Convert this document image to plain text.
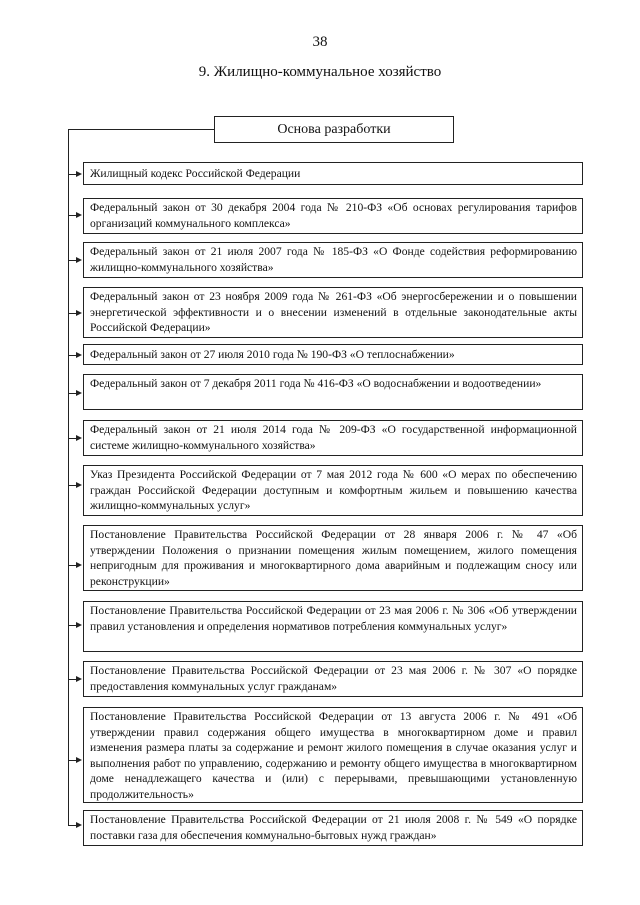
38
9. Жилищно-коммунальное хозяйство
Основа разработки
Жилищный кодекс Российской Федерации
Федеральный закон от 30 декабря 2004 года № 210-ФЗ «Об основах регулирования тарифов организаций коммунального комплекса»
Федеральный закон от 21 июля 2007 года № 185-ФЗ «О Фонде содействия реформированию жилищно-коммунального хозяйства»
Федеральный закон от 23 ноября 2009 года № 261-ФЗ «Об энергосбережении и о повышении энергетической эффективности и о внесении изменений в отдельные законодательные акты Российской Федерации»
Федеральный закон от 27 июля 2010 года № 190-ФЗ «О теплоснабжении»
Федеральный закон от 7 декабря 2011 года № 416-ФЗ «О водоснабжении и водоотведении»
Федеральный закон от 21 июля 2014 года № 209-ФЗ «О государственной информационной системе жилищно-коммунального хозяйства»
Указ Президента Российской Федерации от 7 мая 2012 года № 600 «О мерах по обеспечению граждан Российской Федерации доступным и комфортным жильем и повышению качества жилищно-коммунальных услуг»
Постановление Правительства Российской Федерации от 28 января 2006 г. № 47 «Об утверждении Положения о признании помещения жилым помещением, жилого помещения непригодным для проживания и многоквартирного дома аварийным и подлежащим сносу или реконструкции»
Постановление Правительства Российской Федерации от 23 мая 2006 г. № 306 «Об утверждении правил установления и определения нормативов потребления коммунальных услуг»
Постановление Правительства Российской Федерации от 23 мая 2006 г. № 307 «О порядке предоставления коммунальных услуг гражданам»
Постановление Правительства Российской Федерации от 13 августа 2006 г. № 491 «Об утверждении правил содержания общего имущества в многоквартирном доме и правил изменения размера платы за содержание и ремонт жилого помещения в случае оказания услуг и выполнения работ по управлению, содержанию и ремонту общего имущества в многоквартирном доме ненадлежащего качества и (или) с перерывами, превышающими установленную продолжительность»
Постановление Правительства Российской Федерации от 21 июля 2008 г. № 549 «О порядке поставки газа для обеспечения коммунально-бытовых нужд граждан»
